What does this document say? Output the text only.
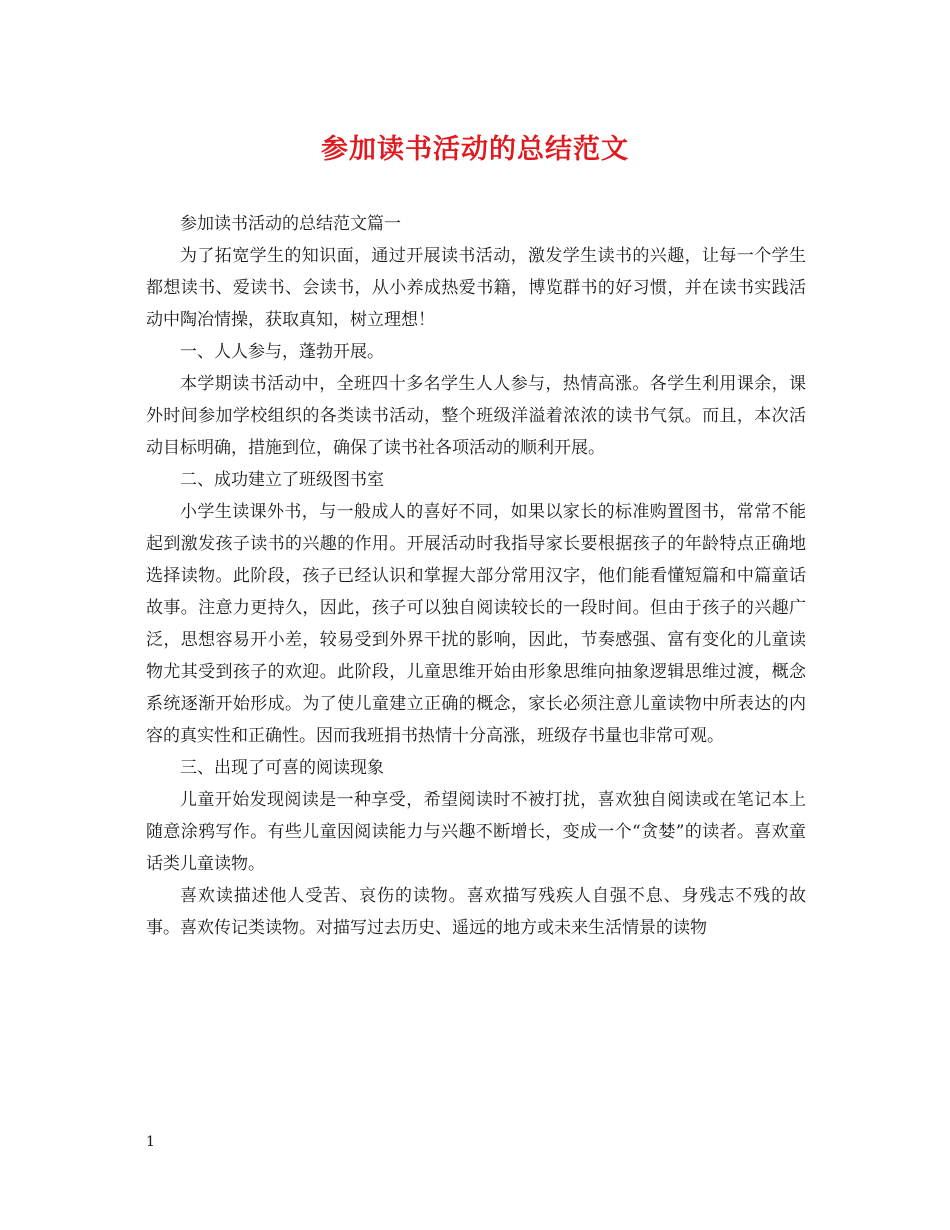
参加读书活动的总结范文

参加读书活动的总结范文篇一

为了拓宽学生的知识面，通过开展读书活动，激发学生读书的兴趣，让每一个学生都想读书、爱读书、会读书，从小养成热爱书籍，博览群书的好习惯，并在读书实践活动中陶冶情操，获取真知，树立理想！

一、人人参与，蓬勃开展。

本学期读书活动中，全班四十多名学生人人参与，热情高涨。各学生利用课余，课外时间参加学校组织的各类读书活动，整个班级洋溢着浓浓的读书气氛。而且，本次活动目标明确，措施到位，确保了读书社各项活动的顺利开展。

二、成功建立了班级图书室

小学生读课外书，与一般成人的喜好不同，如果以家长的标准购置图书，常常不能起到激发孩子读书的兴趣的作用。开展活动时我指导家长要根据孩子的年龄特点正确地选择读物。此阶段，孩子已经认识和掌握大部分常用汉字，他们能看懂短篇和中篇童话故事。注意力更持久，因此，孩子可以独自阅读较长的一段时间。但由于孩子的兴趣广泛，思想容易开小差，较易受到外界干扰的影响，因此，节奏感强、富有变化的儿童读物尤其受到孩子的欢迎。此阶段，儿童思维开始由形象思维向抽象逻辑思维过渡，概念系统逐渐开始形成。为了使儿童建立正确的概念，家长必须注意儿童读物中所表达的内容的真实性和正确性。因而我班捐书热情十分高涨，班级存书量也非常可观。

三、出现了可喜的阅读现象

儿童开始发现阅读是一种享受，希望阅读时不被打扰，喜欢独自阅读或在笔记本上随意涂鸦写作。有些儿童因阅读能力与兴趣不断增长，变成一个“贪婪”的读者。喜欢童话类儿童读物。

喜欢读描述他人受苦、哀伤的读物。喜欢描写残疾人自强不息、身残志不残的故事。喜欢传记类读物。对描写过去历史、遥远的地方或未来生活情景的读物

1
